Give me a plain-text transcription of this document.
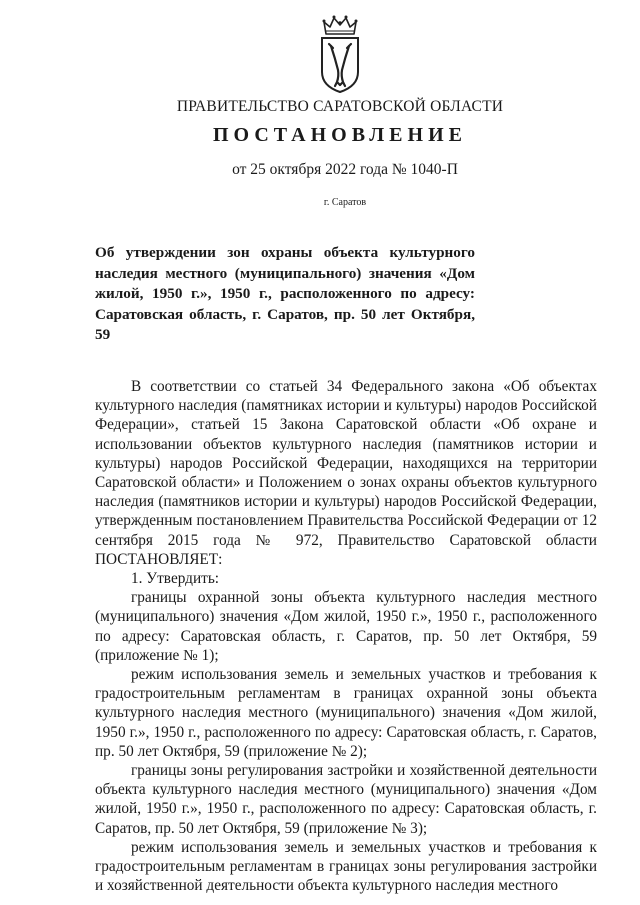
ПРАВИТЕЛЬСТВО САРАТОВСКОЙ ОБЛАСТИ
ПОСТАНОВЛЕНИЕ
от 25 октября 2022 года № 1040-П
г. Саратов
Об утверждении зон охраны объекта культурного наследия местного (муниципального) значения «Дом жилой, 1950 г.», 1950 г., расположенного по адресу: Саратовская область, г. Саратов, пр. 50 лет Октября, 59

В соответствии со статьей 34 Федерального закона «Об объектах культурного наследия (памятниках истории и культуры) народов Российской Федерации», статьей 15 Закона Саратовской области «Об охране и использовании объектов культурного наследия (памятников истории и культуры) народов Российской Федерации, находящихся на территории Саратовской области» и Положением о зонах охраны объектов культурного наследия (памятников истории и культуры) народов Российской Федерации, утвержденным постановлением Правительства Российской Федерации от 12 сентября 2015 года № 972, Правительство Саратовской области ПОСТАНОВЛЯЕТ:

1. Утвердить:

границы охранной зоны объекта культурного наследия местного (муниципального) значения «Дом жилой, 1950 г.», 1950 г., расположенного по адресу: Саратовская область, г. Саратов, пр. 50 лет Октября, 59 (приложение № 1);

режим использования земель и земельных участков и требования к градостроительным регламентам в границах охранной зоны объекта культурного наследия местного (муниципального) значения «Дом жилой, 1950 г.», 1950 г., расположенного по адресу: Саратовская область, г. Саратов, пр. 50 лет Октября, 59 (приложение № 2);

границы зоны регулирования застройки и хозяйственной деятельности объекта культурного наследия местного (муниципального) значения «Дом жилой, 1950 г.», 1950 г., расположенного по адресу: Саратовская область, г. Саратов, пр. 50 лет Октября, 59 (приложение № 3);

режим использования земель и земельных участков и требования к градостроительным регламентам в границах зоны регулирования застройки и хозяйственной деятельности объекта культурного наследия местного
